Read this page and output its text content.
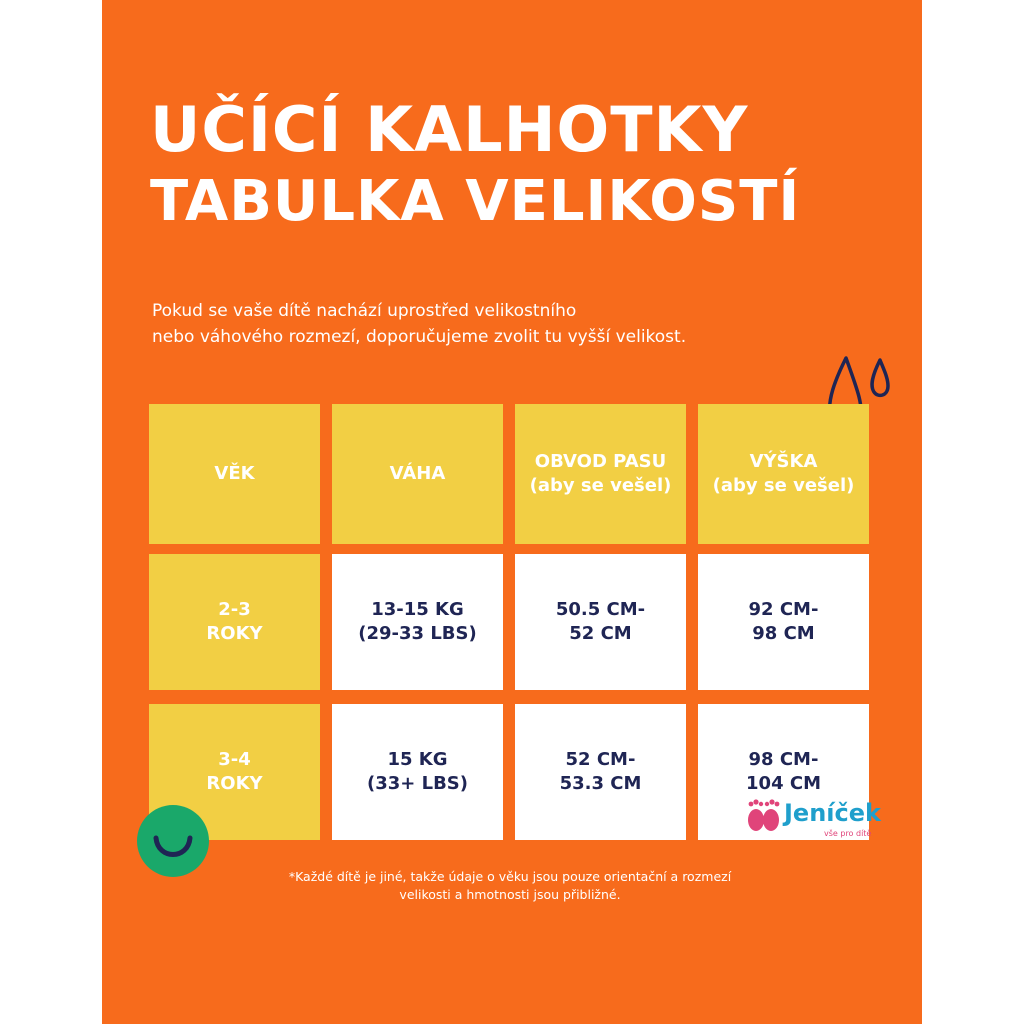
UČÍCÍ KALHOTKY
TABULKA VELIKOSTÍ
Pokud se vaše dítě nachází uprostřed velikostního
nebo váhového rozmezí, doporučujeme zvolit tu vyšší velikost.
VĚK	VÁHA
OBVOD PASU
(aby se vešel)
VÝŠKA
(aby se vešel)
2-3
ROKY
13-15 KG
(29-33 LBS)
50.5 CM-
52 CM
92 CM-
98 CM
3-4
ROKY
15 KG
(33+ LBS)
52 CM-
53.3 CM
98 CM-
104 CM
Jeníček
vše pro dítě
*Každé dítě je jiné, takže údaje o věku jsou pouze orientační a rozmezí
velikosti a hmotnosti jsou přibližné.
